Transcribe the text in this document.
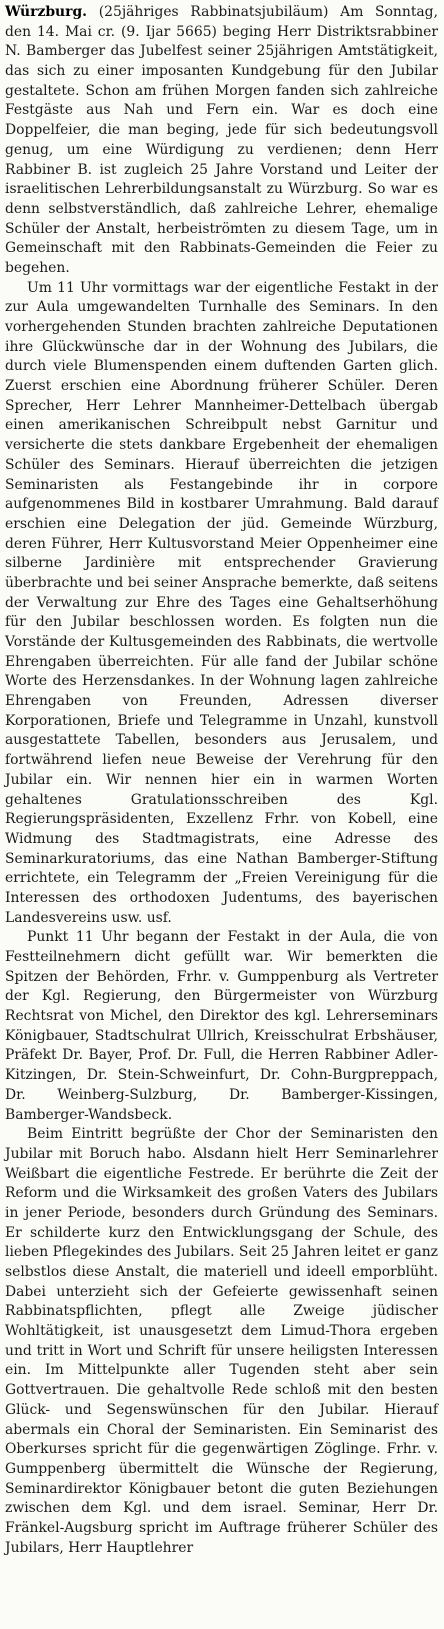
Würzburg. (25jähriges Rabbinatsjubiläum) Am Sonntag, den 14. Mai cr. (9. Ijar 5665) beging Herr Distriktsrabbiner N. Bamberger das Jubelfest seiner 25jährigen Amtstätigkeit, das sich zu einer imposanten Kundgebung für den Jubilar gestaltete. Schon am frühen Morgen fanden sich zahlreiche Festgäste aus Nah und Fern ein. War es doch eine Doppelfeier, die man beging, jede für sich bedeutungsvoll genug, um eine Würdigung zu verdienen; denn Herr Rabbiner B. ist zugleich 25 Jahre Vorstand und Leiter der israelitischen Lehrerbildungsanstalt zu Würzburg. So war es denn selbstverständlich, daß zahlreiche Lehrer, ehemalige Schüler der Anstalt, herbeiströmten zu diesem Tage, um in Gemeinschaft mit den Rabbinats-Gemeinden die Feier zu begehen.

Um 11 Uhr vormittags war der eigentliche Festakt in der zur Aula umgewandelten Turnhalle des Seminars. In den vorhergehenden Stunden brachten zahlreiche Deputationen ihre Glückwünsche dar in der Wohnung des Jubilars, die durch viele Blumenspenden einem duftenden Garten glich. Zuerst erschien eine Abordnung früherer Schüler. Deren Sprecher, Herr Lehrer Mannheimer-Dettelbach übergab einen amerikanischen Schreibpult nebst Garnitur und versicherte die stets dankbare Ergebenheit der ehemaligen Schüler des Seminars. Hierauf überreichten die jetzigen Seminaristen als Festangebinde ihr in corpore aufgenommenes Bild in kostbarer Umrahmung. Bald darauf erschien eine Delegation der jüd. Gemeinde Würzburg, deren Führer, Herr Kultusvorstand Meier Oppenheimer eine silberne Jardinière mit entsprechender Gravierung überbrachte und bei seiner Ansprache bemerkte, daß seitens der Verwaltung zur Ehre des Tages eine Gehaltserhöhung für den Jubilar beschlossen worden. Es folgten nun die Vorstände der Kultusgemeinden des Rabbinats, die wertvolle Ehrengaben überreichten. Für alle fand der Jubilar schöne Worte des Herzensdankes. In der Wohnung lagen zahlreiche Ehrengaben von Freunden, Adressen diverser Korporationen, Briefe und Telegramme in Unzahl, kunstvoll ausgestattete Tabellen, besonders aus Jerusalem, und fortwährend liefen neue Beweise der Verehrung für den Jubilar ein. Wir nennen hier ein in warmen Worten gehaltenes Gratulationsschreiben des Kgl. Regierungspräsidenten, Exzellenz Frhr. von Kobell, eine Widmung des Stadtmagistrats, eine Adresse des Seminarkuratoriums, das eine Nathan Bamberger-Stiftung errichtete, ein Telegramm der „Freien Vereinigung für die Interessen des orthodoxen Judentums, des bayerischen Landesvereins usw. usf.

Punkt 11 Uhr begann der Festakt in der Aula, die von Festteilnehmern dicht gefüllt war. Wir bemerkten die Spitzen der Behörden, Frhr. v. Gumppenburg als Vertreter der Kgl. Regierung, den Bürgermeister von Würzburg Rechtsrat von Michel, den Direktor des kgl. Lehrerseminars Königbauer, Stadtschulrat Ullrich, Kreisschulrat Erbshäuser, Präfekt Dr. Bayer, Prof. Dr. Full, die Herren Rabbiner Adler-Kitzingen, Dr. Stein-Schweinfurt, Dr. Cohn-Burgpreppach, Dr. Weinberg-Sulzburg, Dr. Bamberger-Kissingen, Bamberger-Wandsbeck.

Beim Eintritt begrüßte der Chor der Seminaristen den Jubilar mit Boruch habo. Alsdann hielt Herr Seminarlehrer Weißbart die eigentliche Festrede. Er berührte die Zeit der Reform und die Wirksamkeit des großen Vaters des Jubilars in jener Periode, besonders durch Gründung des Seminars. Er schilderte kurz den Entwicklungsgang der Schule, des lieben Pflegekindes des Jubilars. Seit 25 Jahren leitet er ganz selbstlos diese Anstalt, die materiell und ideell emporblüht. Dabei unterzieht sich der Gefeierte gewissenhaft seinen Rabbinatspflichten, pflegt alle Zweige jüdischer Wohltätigkeit, ist unausgesetzt dem Limud-Thora ergeben und tritt in Wort und Schrift für unsere heiligsten Interessen ein. Im Mittelpunkte aller Tugenden steht aber sein Gottvertrauen. Die gehaltvolle Rede schloß mit den besten Glück- und Segenswünschen für den Jubilar. Hierauf abermals ein Choral der Seminaristen. Ein Seminarist des Oberkurses spricht für die gegenwärtigen Zöglinge. Frhr. v. Gumppenberg übermittelt die Wünsche der Regierung, Seminardirektor Königbauer betont die guten Beziehungen zwischen dem Kgl. und dem israel. Seminar, Herr Dr. Fränkel-Augsburg spricht im Auftrage früherer Schüler des Jubilars, Herr Hauptlehrer
